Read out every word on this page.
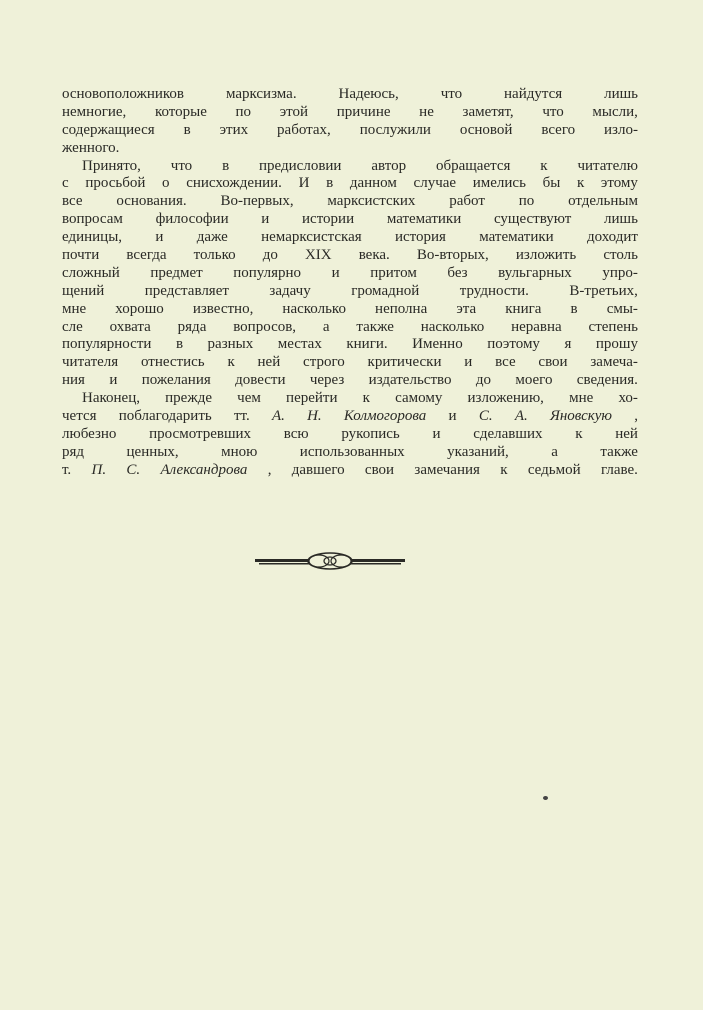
основоположников	марксизма.	Надеюсь,	что	найдутся	лишь
немногие, которые по этой причине не заметят, что мысли,
содержащиеся в этих работах, послужили основой всего изло-
женного.
Принято, что в предисловии автор обращается к читателю
с просьбой о снисхождении. И в данном случае имелись бы к этому
все основания. Во-первых, марксистских работ по отдельным
вопросам философии и истории математики существуют лишь
единицы, и даже немарксистская история математики доходит
почти всегда только до XIX века. Во-вторых, изложить столь
сложный предмет популярно и притом без вульгарных упро-
щений	представляет	задачу	громадной	трудности.	В-третьих,
мне хорошо известно, насколько неполна эта книга в смы-
сле охвата ряда вопросов, а также насколько неравна степень
популярности в разных местах книги. Именно поэтому я прошу
читателя отнестись к ней строго критически и все свои замеча-
ния и пожелания довести через издательство до моего сведения.
Наконец, прежде чем перейти к самому изложению, мне хо-
чется поблагодарить тт. А. Н. Колмогорова и С. А. Яновскую ,
любезно просмотревших всю рукопись и сделавших к ней
ряд	ценных,	мною	использованных	указаний,	а	также
т. П. С. Александрова , давшего свои замечания к седьмой главе.
